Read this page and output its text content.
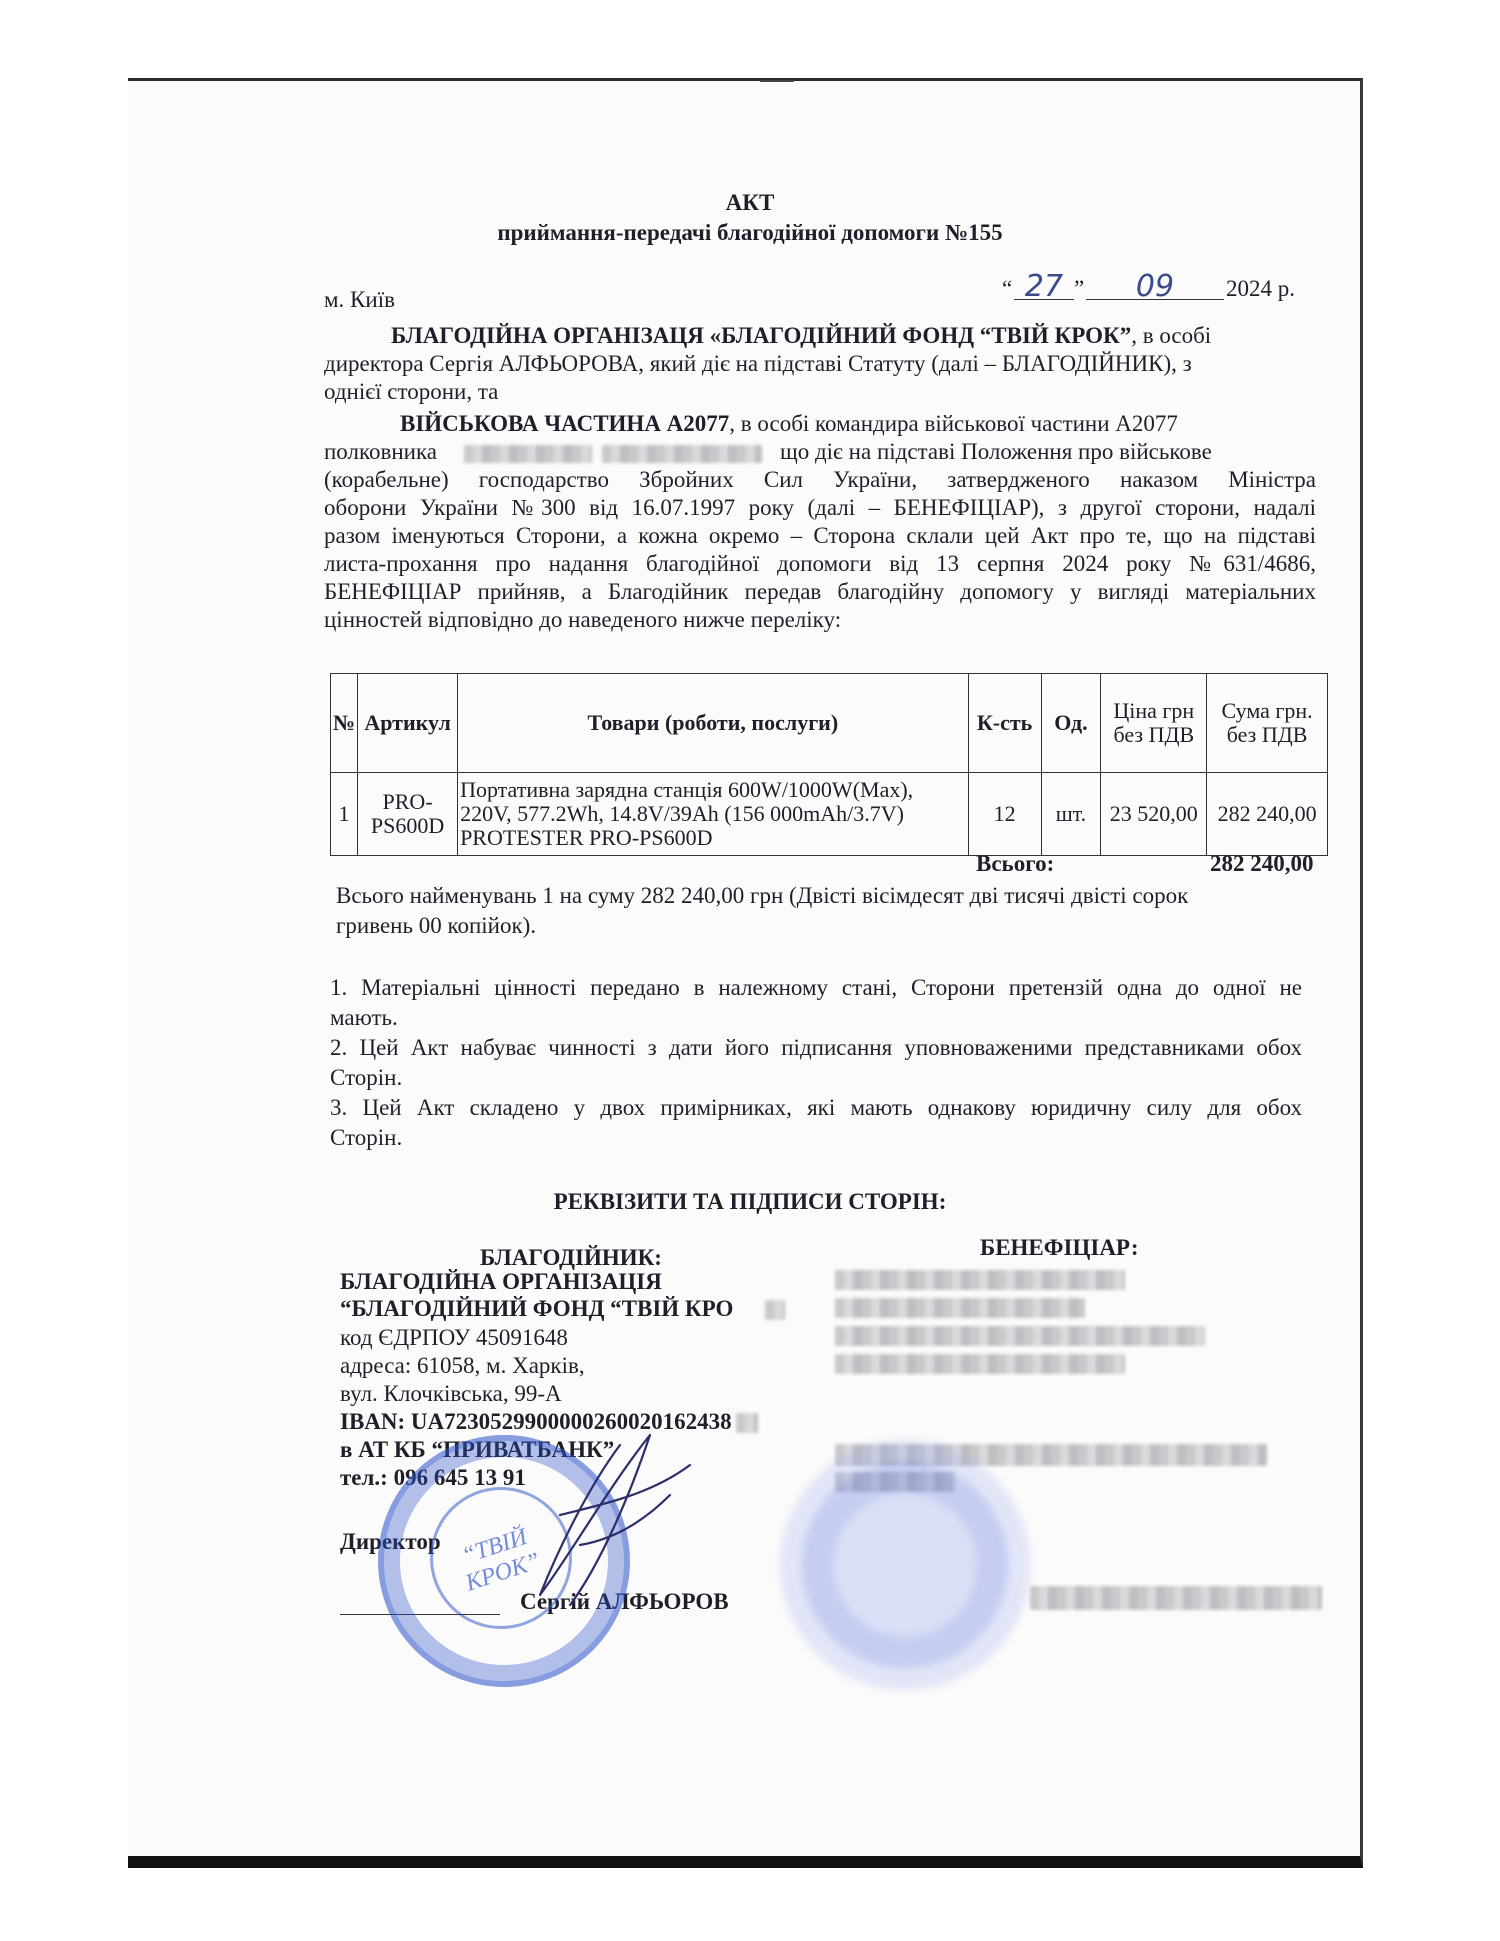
АКТ
приймання-передачі благодійної допомоги №155
м. Київ	“ 27 ”	09	2024 р.
БЛАГОДІЙНА ОРГАНІЗАЦЯ «БЛАГОДІЙНИЙ ФОНД “ТВІЙ КРОК”, в особі
директора Сергія АЛФЬОРОВА, який діє на підставі Статуту (далі – БЛАГОДІЙНИК), з
однієї сторони, та
ВІЙСЬКОВА ЧАСТИНА А2077, в особі командира військової частини А2077
полковника	що діє на підставі Положення про військове
(корабельне) господарство Збройних Сил України, затвердженого наказом Міністра
оборони України №300 від 16.07.1997 року (далі – БЕНЕФІЦІАР), з другої сторони, надалі
разом іменуються Сторони, а кожна окремо – Сторона склали цей Акт про те, що на підставі
листа-прохання про надання благодійної допомоги від 13 серпня 2024 року №631/4686,
БЕНЕФІЦІАР прийняв, а Благодійник передав благодійну допомогу у вигляді матеріальних
цінностей відповідно до наведеного нижче переліку:
№	Артикул	Товари (роботи, послуги)	К-сть	Од.	Ціна грн без ПДВ	Сума грн. без ПДВ
1	PRO-PS600D	Портативна зарядна станція 600W/1000W(Max), 220V, 577.2Wh, 14.8V/39Ah (156 000mAh/3.7V) PROTESTER PRO-PS600D	12	шт.	23 520,00	282 240,00
Всього:	282 240,00
Всього найменувань 1 на суму 282 240,00 грн (Двісті вісімдесят дві тисячі двісті сорок
гривень 00 копійок).
1. Матеріальні цінності передано в належному стані, Сторони претензій одна до одної не
мають.
2. Цей Акт набуває чинності з дати його підписання уповноваженими представниками обох
Сторін.
3. Цей Акт складено у двох примірниках, які мають однакову юридичну силу для обох
Сторін.
РЕКВІЗИТИ ТА ПІДПИСИ СТОРІН:
БЛАГОДІЙНИК:	БЕНЕФІЦІАР:
БЛАГОДІЙНА ОРГАНІЗАЦІЯ
“БЛАГОДІЙНИЙ ФОНД “ТВІЙ КРО
код ЄДРПОУ 45091648
адреса: 61058, м. Харків,
вул. Клочківська, 99-А
IBAN: UA7230529900000260020162438
в АТ КБ “ПРИВАТБАНК”
тел.: 096 645 13 91
Директор
Сергій АЛФЬОРОВ
“ТВІЙ КРОК”
